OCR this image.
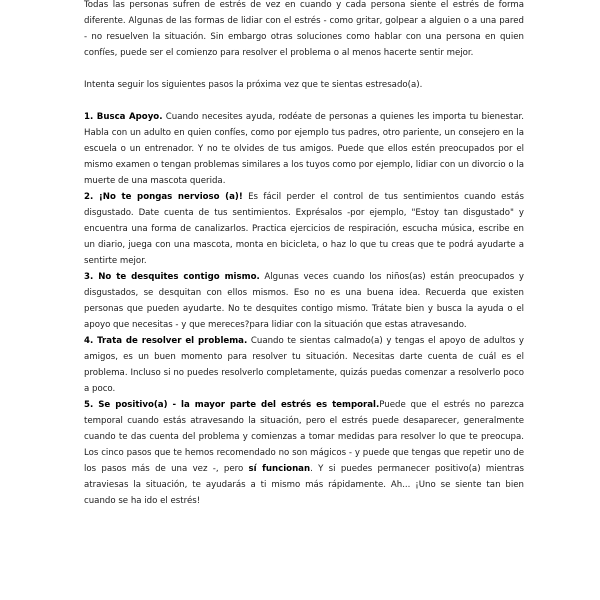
Todas las personas sufren de estrés de vez en cuando y cada persona siente el estrés de forma diferente. Algunas de las formas de lidiar con el estrés - como gritar, golpear a alguien o a una pared - no resuelven la situación. Sin embargo otras soluciones como hablar con una persona en quien confíes, puede ser el comienzo para resolver el problema o al menos hacerte sentir mejor.

Intenta seguir los siguientes pasos la próxima vez que te sientas estresado(a).

1. Busca Apoyo. Cuando necesites ayuda, rodéate de personas a quienes les importa tu bienestar. Habla con un adulto en quien confíes, como por ejemplo tus padres, otro pariente, un consejero en la escuela o un entrenador. Y no te olvides de tus amigos. Puede que ellos estén preocupados por el mismo examen o tengan problemas similares a los tuyos como por ejemplo, lidiar con un divorcio o la muerte de una mascota querida.

2. ¡No te pongas nervioso (a)! Es fácil perder el control de tus sentimientos cuando estás disgustado. Date cuenta de tus sentimientos. Exprésalos -por ejemplo, "Estoy tan disgustado" y encuentra una forma de canalizarlos. Practica ejercicios de respiración, escucha música, escribe en un diario, juega con una mascota, monta en bicicleta, o haz lo que tu creas que te podrá ayudarte a sentirte mejor.

3. No te desquites contigo mismo. Algunas veces cuando los niños(as) están preocupados y disgustados, se desquitan con ellos mismos. Eso no es una buena idea. Recuerda que existen personas que pueden ayudarte. No te desquites contigo mismo. Trátate bien y busca la ayuda o el apoyo que necesitas - y que mereces?para lidiar con la situación que estas atravesando.

4. Trata de resolver el problema. Cuando te sientas calmado(a) y tengas el apoyo de adultos y amigos, es un buen momento para resolver tu situación. Necesitas darte cuenta de cuál es el problema. Incluso si no puedes resolverlo completamente, quizás puedas comenzar a resolverlo poco a poco.

5. Se positivo(a) - la mayor parte del estrés es temporal.Puede que el estrés no parezca temporal cuando estás atravesando la situación, pero el estrés puede desaparecer, generalmente cuando te das cuenta del problema y comienzas a tomar medidas para resolver lo que te preocupa. Los cinco pasos que te hemos recomendado no son mágicos - y puede que tengas que repetir uno de los pasos más de una vez -, pero sí funcionan. Y si puedes permanecer positivo(a) mientras atraviesas la situación, te ayudarás a ti mismo más rápidamente. Ah... ¡Uno se siente tan bien cuando se ha ido el estrés!
